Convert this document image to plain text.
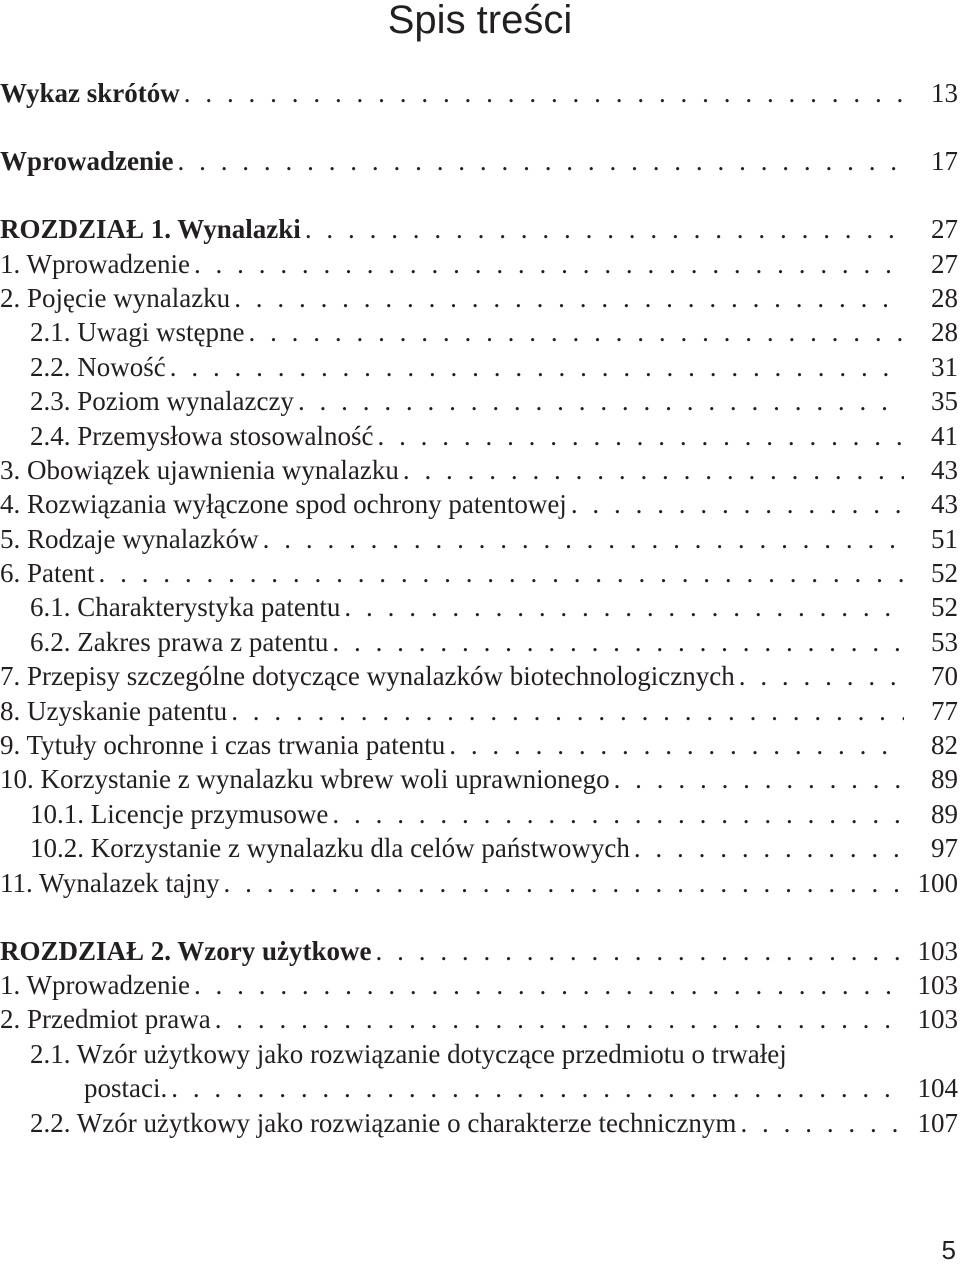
Spis treści
Wykaz skrótów . . .	13
Wprowadzenie . . .	17
ROZDZIAŁ 1. Wynalazki . . .	27
1. Wprowadzenie . . .	27
2. Pojęcie wynalazku . . .	28
2.1. Uwagi wstępne . . .	28
2.2. Nowość . . .	31
2.3. Poziom wynalazczy . . .	35
2.4. Przemysłowa stosowalność . . .	41
3. Obowiązek ujawnienia wynalazku . . .	43
4. Rozwiązania wyłączone spod ochrony patentowej . . .	43
5. Rodzaje wynalazków . . .	51
6. Patent . . .	52
6.1. Charakterystyka patentu . . .	52
6.2. Zakres prawa z patentu . . .	53
7. Przepisy szczególne dotyczące wynalazków biotechnologicznych . . .	70
8. Uzyskanie patentu . . .	77
9. Tytuły ochronne i czas trwania patentu . . .	82
10. Korzystanie z wynalazku wbrew woli uprawnionego . . .	89
10.1. Licencje przymusowe . . .	89
10.2. Korzystanie z wynalazku dla celów państwowych . . .	97
11. Wynalazek tajny . . .	100
ROZDZIAŁ 2. Wzory użytkowe . . .	103
1. Wprowadzenie . . .	103
2. Przedmiot prawa . . .	103
2.1. Wzór użytkowy jako rozwiązanie dotyczące przedmiotu o trwałej
postaci. . . .	104
2.2. Wzór użytkowy jako rozwiązanie o charakterze technicznym . . .	107

5
